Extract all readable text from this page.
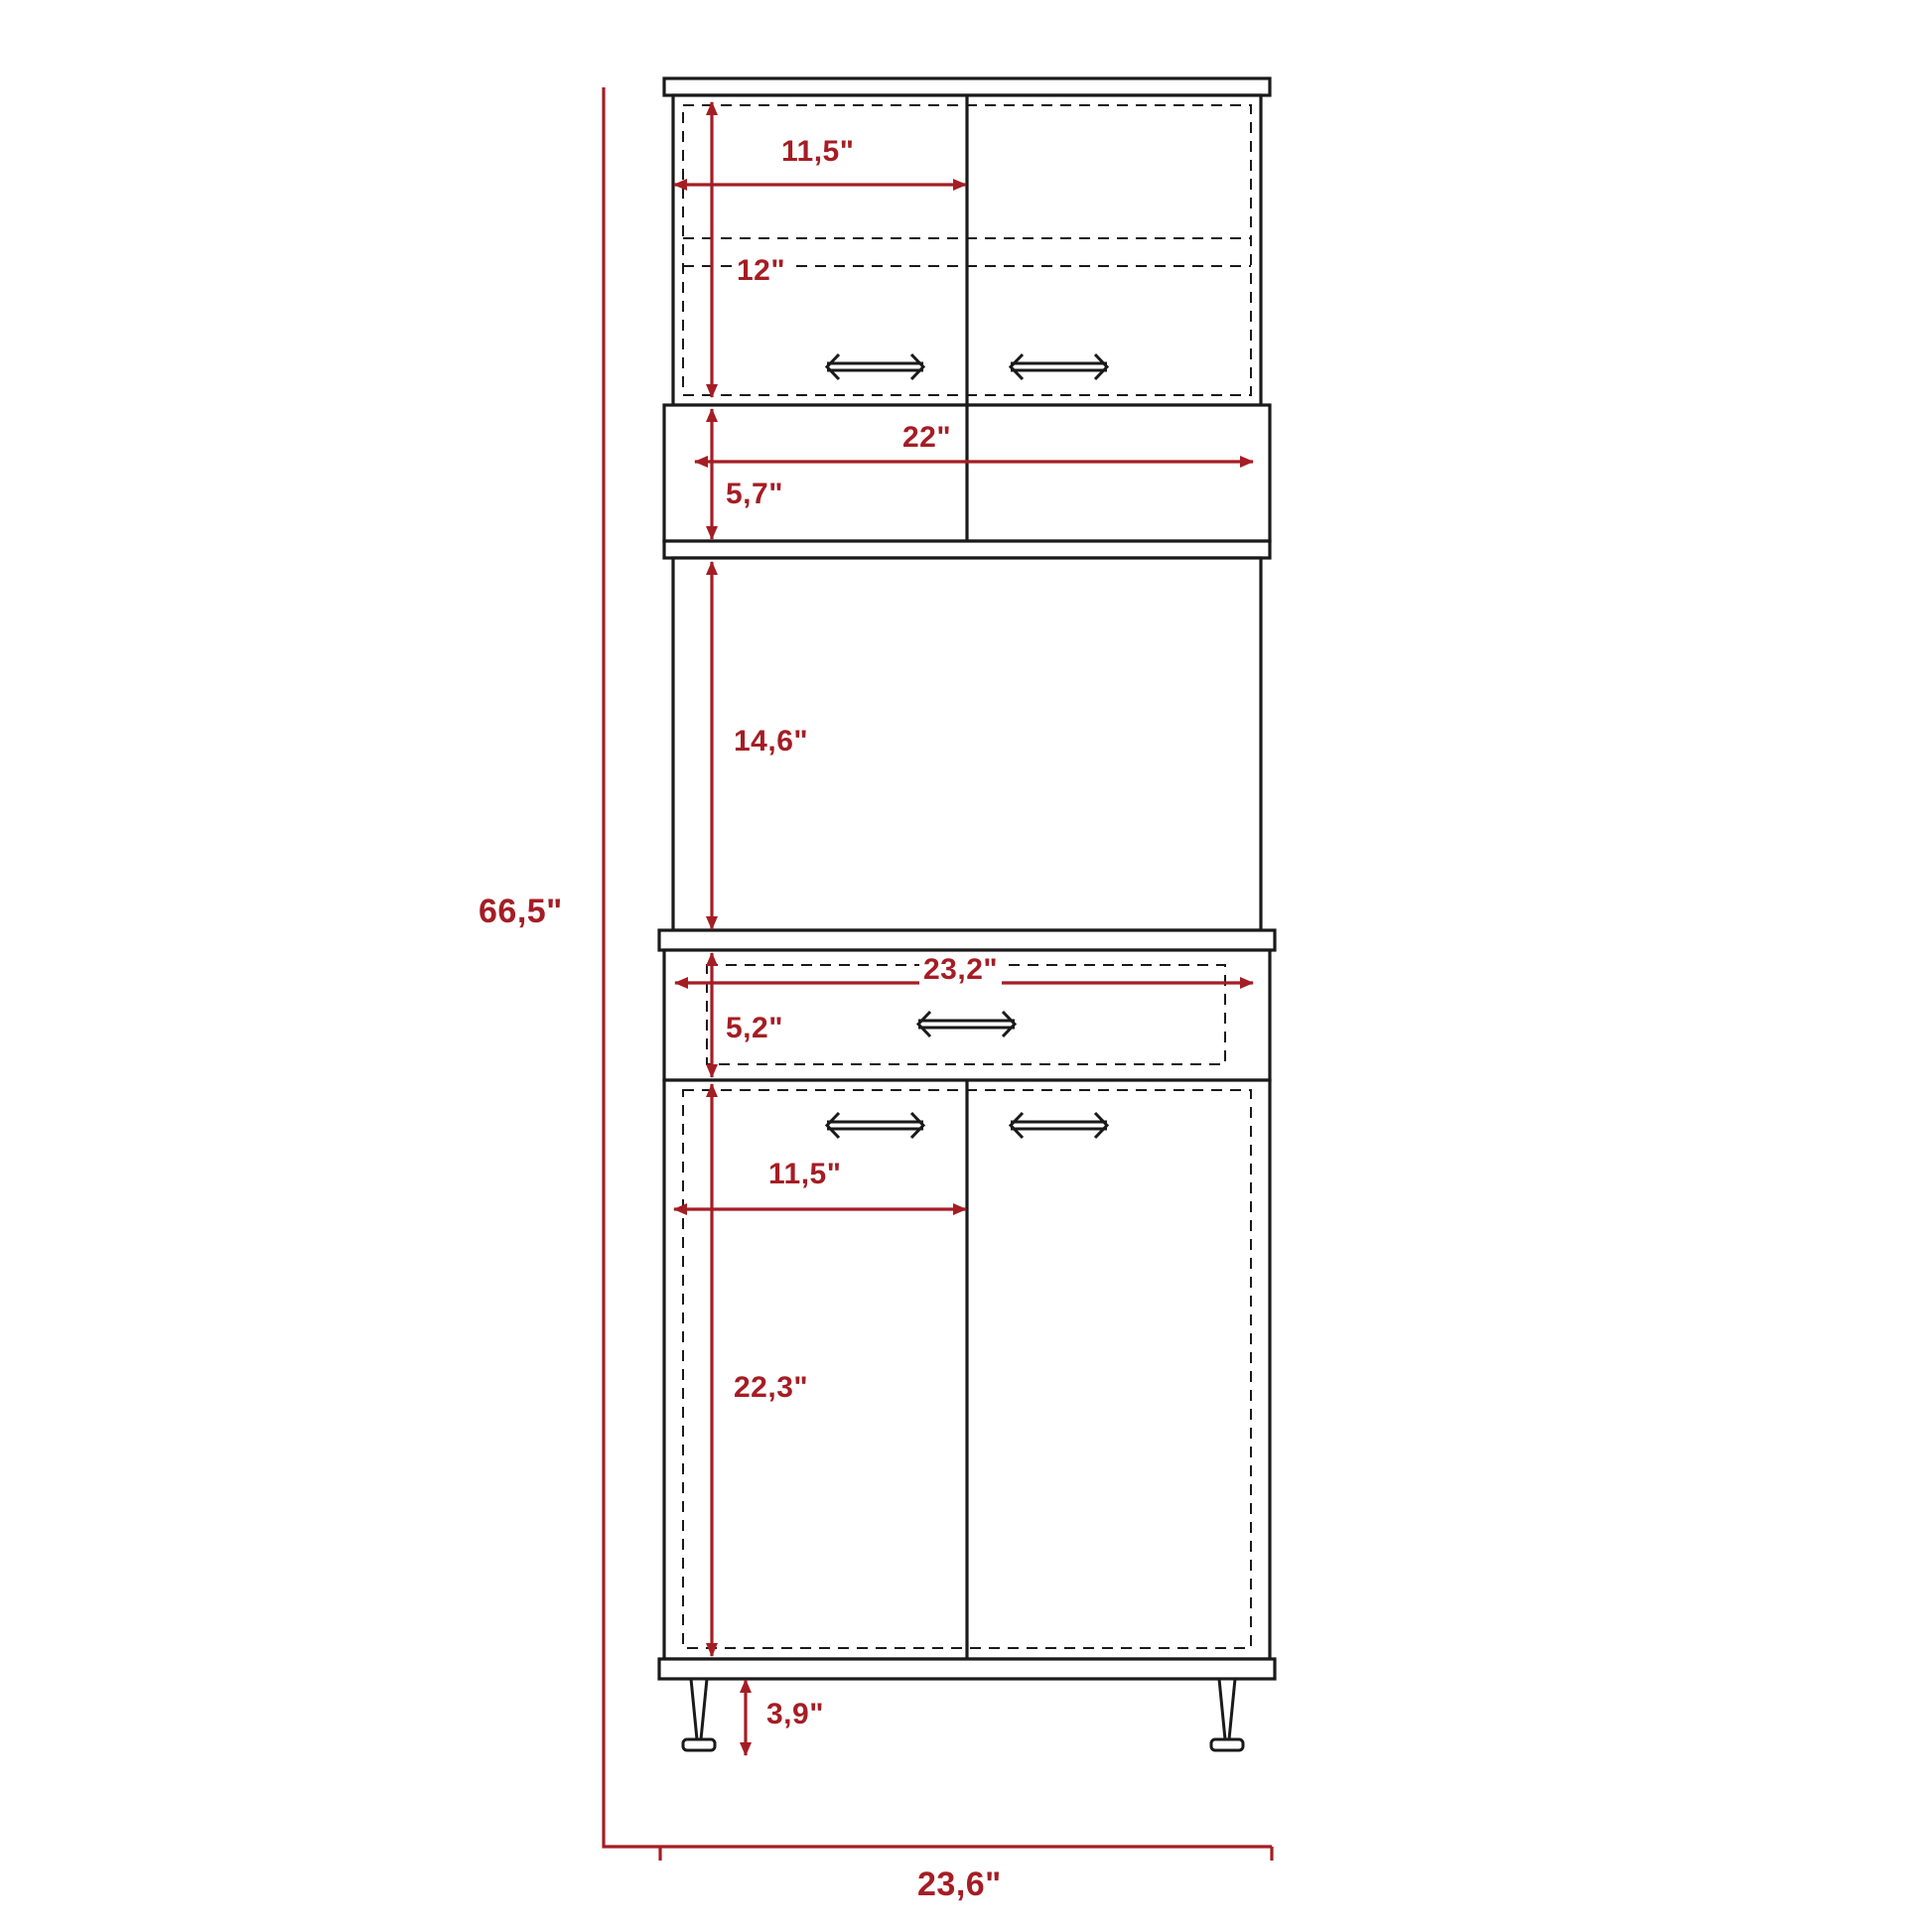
11,5"
12"
22"
5,7"
14,6"
23,2"
5,2"
11,5"
22,3"
3,9"
66,5"
23,6"
